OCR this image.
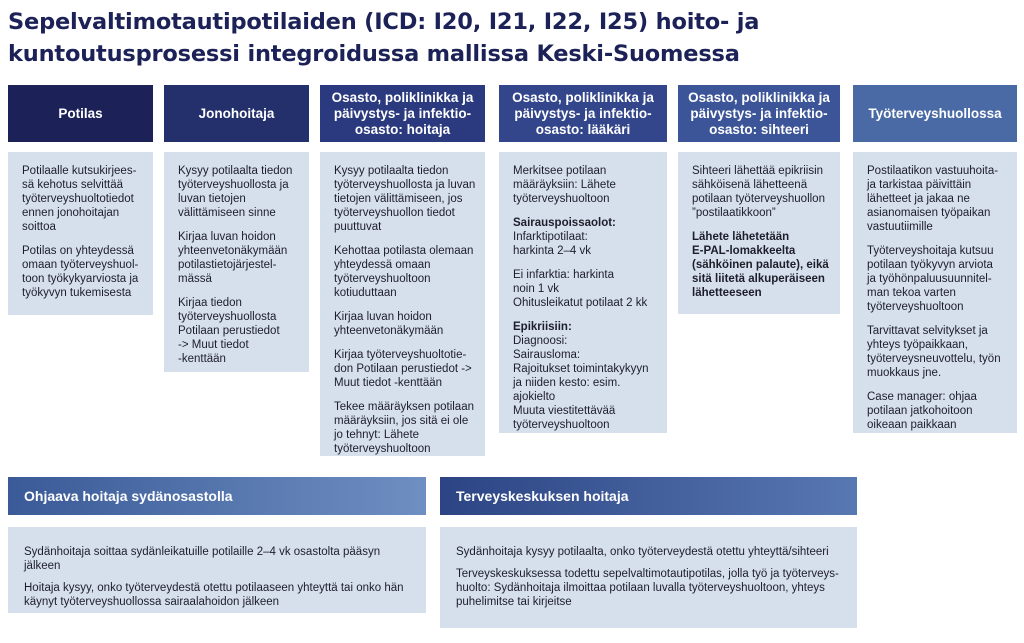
Sepelvaltimotautipotilaiden (ICD: I20, I21, I22, I25) hoito- ja
kuntoutusprosessi integroidussa mallissa Keski-Suomessa
Potilas	Jonohoitaja
Osasto, poliklinikka ja
päivystys- ja infektio-
osasto: hoitaja
Osasto, poliklinikka ja
päivystys- ja infektio-
osasto: lääkäri
Osasto, poliklinikka ja
päivystys- ja infektio-
osasto: sihteeri
Työterveyshuollossa

Potilaalle kutsukirjees-
sä kehotus selvittää
työterveyshuoltotiedot
ennen jonohoitajan
soittoa

Potilas on yhteydessä
omaan työterveyshuol-
toon työkykyarviosta ja
työkyvyn tukemisesta

Kysyy potilaalta tiedon
työterveyshuollosta ja
luvan tietojen
välittämiseen sinne

Kirjaa luvan hoidon
yhteenvetonäkymään
potilastietojärjestel-
mässä

Kirjaa tiedon
työterveyshuollosta
Potilaan perustiedot
-> Muut tiedot
-kenttään

Kysyy potilaalta tiedon
työterveyshuollosta ja luvan
tietojen välittämiseen, jos
työterveyshuollon tiedot
puuttuvat

Kehottaa potilasta olemaan
yhteydessä omaan
työterveyshuoltoon
kotiuduttaan

Kirjaa luvan hoidon
yhteenvetonäkymään

Kirjaa työterveyshuoltotie-
don Potilaan perustiedot ->
Muut tiedot -kenttään

Tekee määräyksen potilaan
määräyksiin, jos sitä ei ole
jo tehnyt: Lähete
työterveyshuoltoon

Merkitsee potilaan
määräyksiin: Lähete
työterveyshuoltoon

Sairauspoissaolot:
Infarktipotilaat:
harkinta 2–4 vk

Ei infarktia: harkinta
noin 1 vk
Ohitusleikatut potilaat 2 kk

Epikriisiin:
Diagnoosi:
Sairausloma:
Rajoitukset toimintakykyyn
ja niiden kesto: esim.
ajokielto
Muuta viestitettävää
työterveyshuoltoon

Sihteeri lähettää epikriisin
sähköisenä lähetteenä
potilaan työterveyshuollon
”postilaatikkoon”

Lähete lähetetään
E-PAL-lomakkeelta
(sähköinen palaute), eikä
sitä liitetä alkuperäiseen
lähetteeseen

Postilaatikon vastuuhoita-
ja tarkistaa päivittäin
lähetteet ja jakaa ne
asianomaisen työpaikan
vastuutiimille

Työterveyshoitaja kutsuu
potilaan työkyvyn arviota
ja työhönpaluusuunnitel-
man tekoa varten
työterveyshuoltoon

Tarvittavat selvitykset ja
yhteys työpaikkaan,
työterveysneuvottelu, työn
muokkaus jne.

Case manager: ohjaa
potilaan jatkohoitoon
oikeaan paikkaan

Ohjaava hoitaja sydänosastolla	Terveyskeskuksen hoitaja

Sydänhoitaja soittaa sydänleikatuille potilaille 2–4 vk osastolta pääsyn jälkeen

Hoitaja kysyy, onko työterveydestä otettu potilaaseen yhteyttä tai onko hän
käynyt työterveyshuollossa sairaalahoidon jälkeen

Sydänhoitaja kysyy potilaalta, onko työterveydestä otettu yhteyttä/sihteeri

Terveyskeskuksessa todettu sepelvaltimotautipotilas, jolla työ ja työterveys-
huolto: Sydänhoitaja ilmoittaa potilaan luvalla työterveyshuoltoon, yhteys
puhelimitse tai kirjeitse
